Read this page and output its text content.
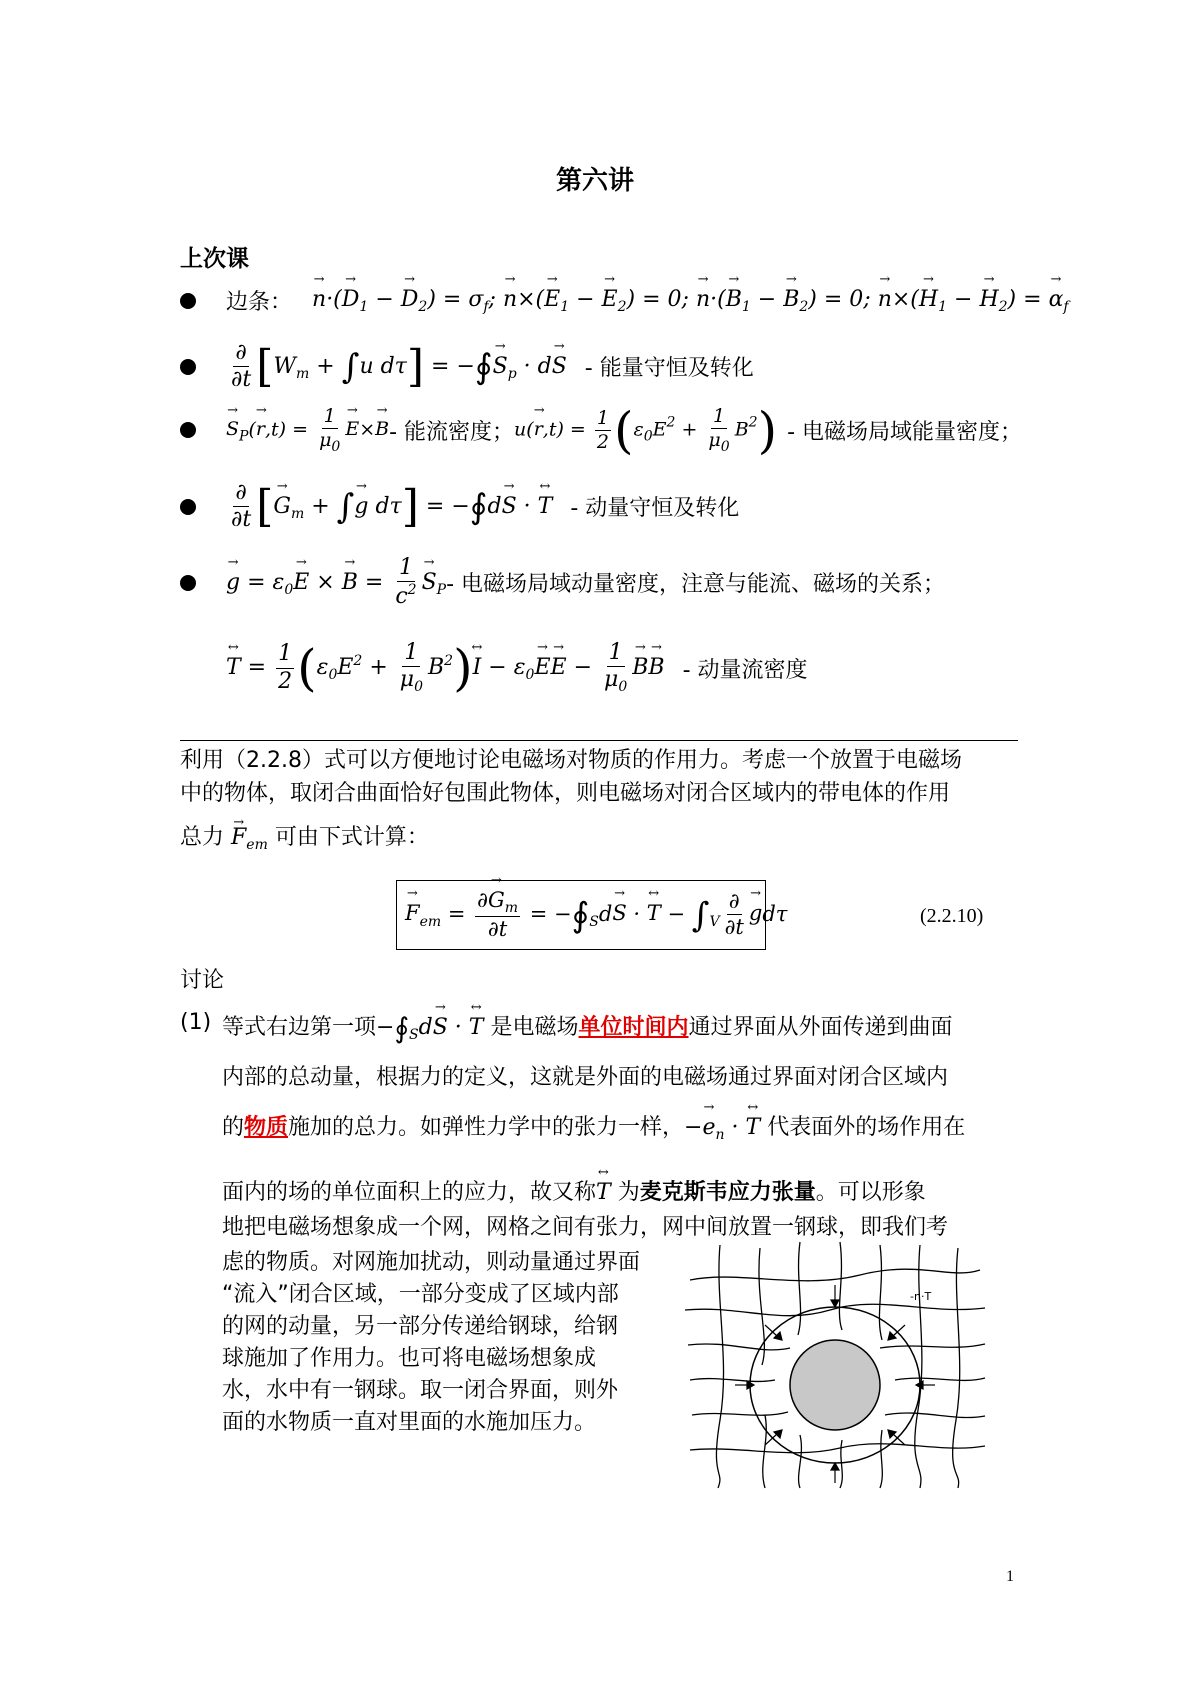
第六讲
上次课
边条：
→ $n\cdot(\to D_1$ − → $D_2) = \sigma_f$; → $n\times(\to E_1$ − → $E_2) = 0$; → $n\cdot(\to B_1$ − → $B_2) = 0$; → $n\times(\to H_1$ − → $H_2$) = → $\alpha_f$
$\frac{\partial}{\partial t} [W_m + \int u$ dτ] = −∮→ $S_p \cdot d\to S$ - 能量守恒及转化
→ $S_P(\to r,t) = \frac{1}{\mu_0}$
→ E×→ B - 能流密度； $u(\to r,t) = \frac{1}{2} (\varepsilon_0E^2 + \frac{1}{\mu_0} B^2)$ - 电磁场局域能量密度；
$\frac{\partial}{\partial t}$ [→ $G_m$ + ∫→ g dτ] = −∮d→ S · ↔ T - 动量守恒及转化
→ $g = \varepsilon_0\to E$ × → $B = \frac{1}{c^2}$
→ $S_P$ - 电磁场局域动量密度，注意与能流、磁场的关系；
↔ $T = \frac{1}{2} (\varepsilon_0E^2 + \frac{1}{\mu_0}$ $B^2)\leftrightarrow$ $I - \varepsilon_0\to E\to E - \frac{1}{\mu_0}$
→ B→ B - 动量流密度
利用（2.2.8）式可以方便地讨论电磁场对物质的作用力。考虑一个放置于电磁场
中的物体，取闭合曲面恰好包围此物体，则电磁场对闭合区域内的带电体的作用
总力 → $F_{em}$ 可由下式计算：
→ $F_{em} = \frac{\partial\to G_m}{\partial t}$ = $-∮_Sd\to S$ · ↔ $T - \int_V \frac{\partial}{\partial t}$
→ gdτ	(2.2.10)
讨论
(1) 等式右边第一项$-∮_Sd\to S$ · ↔ T 是电磁场单位时间内通过界面从外面传递到曲面
内部的总动量，根据力的定义，这就是外面的电磁场通过界面对闭合区域内
的物质施加的总力。如弹性力学中的张力一样，−→ $e_n$ · ↔ T 代表面外的场作用在
面内的场的单位面积上的应力，故又称↔ T 为麦克斯韦应力张量。可以形象
地把电磁场想象成一个网，网格之间有张力，网中间放置一钢球，即我们考
虑的物质。对网施加扰动，则动量通过界面
“流入”闭合区域，一部分变成了区域内部
的网的动量，另一部分传递给钢球，给钢
球施加了作用力。也可将电磁场想象成
水，水中有一钢球。取一闭合界面，则外
面的水物质一直对里面的水施加压力。
-n·T
1
